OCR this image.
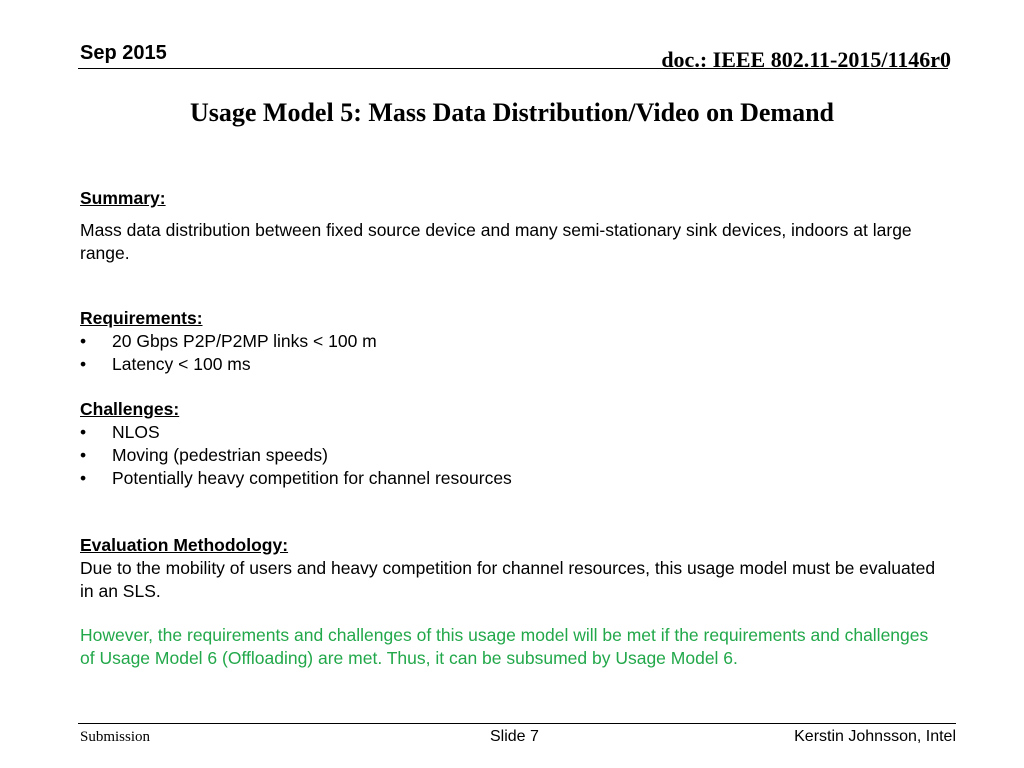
Sep 2015	doc.: IEEE 802.11-2015/1146r0
Usage Model 5: Mass Data Distribution/Video on Demand
Summary:
Mass data distribution between fixed source device and many semi-stationary sink devices, indoors at large range.
Requirements:
• 20 Gbps P2P/P2MP links < 100 m
• Latency < 100 ms
Challenges:
• NLOS
• Moving (pedestrian speeds)
• Potentially heavy competition for channel resources
Evaluation Methodology:
Due to the mobility of users and heavy competition for channel resources, this usage model must be evaluated in an SLS.
However, the requirements and challenges of this usage model will be met if the requirements and challenges of Usage Model 6 (Offloading) are met. Thus, it can be subsumed by Usage Model 6.
Submission	Slide 7	Kerstin Johnsson, Intel
